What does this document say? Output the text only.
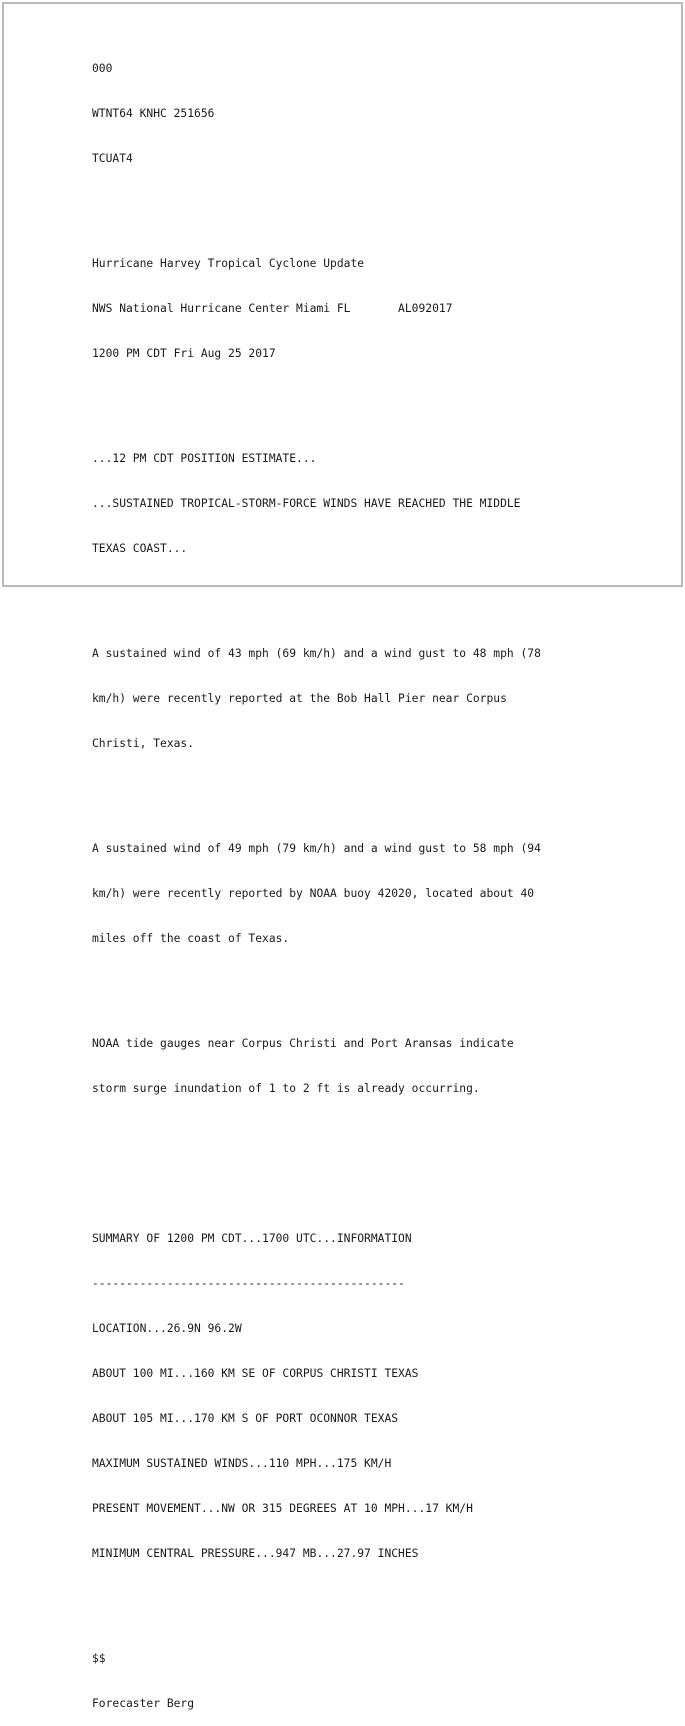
000

WTNT64 KNHC 251656

TCUAT4

Hurricane Harvey Tropical Cyclone Update

NWS National Hurricane Center Miami FL       AL092017

1200 PM CDT Fri Aug 25 2017

...12 PM CDT POSITION ESTIMATE...

...SUSTAINED TROPICAL-STORM-FORCE WINDS HAVE REACHED THE MIDDLE

TEXAS COAST...

A sustained wind of 43 mph (69 km/h) and a wind gust to 48 mph (78

km/h) were recently reported at the Bob Hall Pier near Corpus

Christi, Texas.

A sustained wind of 49 mph (79 km/h) and a wind gust to 58 mph (94

km/h) were recently reported by NOAA buoy 42020, located about 40

miles off the coast of Texas.

NOAA tide gauges near Corpus Christi and Port Aransas indicate

storm surge inundation of 1 to 2 ft is already occurring.

SUMMARY OF 1200 PM CDT...1700 UTC...INFORMATION

----------------------------------------------

LOCATION...26.9N 96.2W

ABOUT 100 MI...160 KM SE OF CORPUS CHRISTI TEXAS

ABOUT 105 MI...170 KM S OF PORT OCONNOR TEXAS

MAXIMUM SUSTAINED WINDS...110 MPH...175 KM/H

PRESENT MOVEMENT...NW OR 315 DEGREES AT 10 MPH...17 KM/H

MINIMUM CENTRAL PRESSURE...947 MB...27.97 INCHES

$$

Forecaster Berg
